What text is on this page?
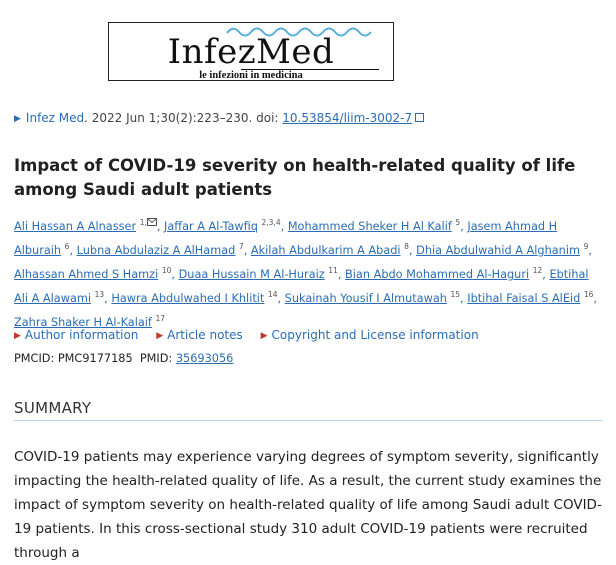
InfezMed
le infezioni in medicina
▶ Infez Med. 2022 Jun 1;30(2):223–230. doi: 10.53854/liim-3002-7
Impact of COVID-19 severity on health-related quality of life among Saudi adult patients
Ali Hassan A Alnasser $^{1,}$ , Jaffar A Al-Tawfiq $^{2,3,4}$, Mohammed Sheker H Al Kalif $^5$, Jasem Ahmad H Alburaih $^6$, Lubna Abdulaziz A AlHamad $^7$, Akilah Abdulkarim A Abadi $^8$, Dhia Abdulwahid A Alghanim $^9$, Alhassan Ahmed S Hamzi $^{10}$, Duaa Hussain M Al-Huraiz $^{11}$, Bian Abdo Mohammed Al-Haguri $^{12}$, Ebtihal Ali A Alawami $^{13}$, Hawra Abdulwahed I Khlitit $^{14}$, Sukainah Yousif I Almutawah $^{15}$, Ibtihal Faisal S AlEid $^{16}$, Zahra Shaker H Al-Kalaif $^{17}$
▶ Author information ▶ Article notes ▶ Copyright and License information
PMCID: PMC9177185 PMID: 35693056
SUMMARY

COVID-19 patients may experience varying degrees of symptom severity, significantly impacting the health-related quality of life. As a result, the current study examines the impact of symptom severity on health-related quality of life among Saudi adult COVID- 19 patients. In this cross-sectional study 310 adult COVID-19 patients were recruited through a
